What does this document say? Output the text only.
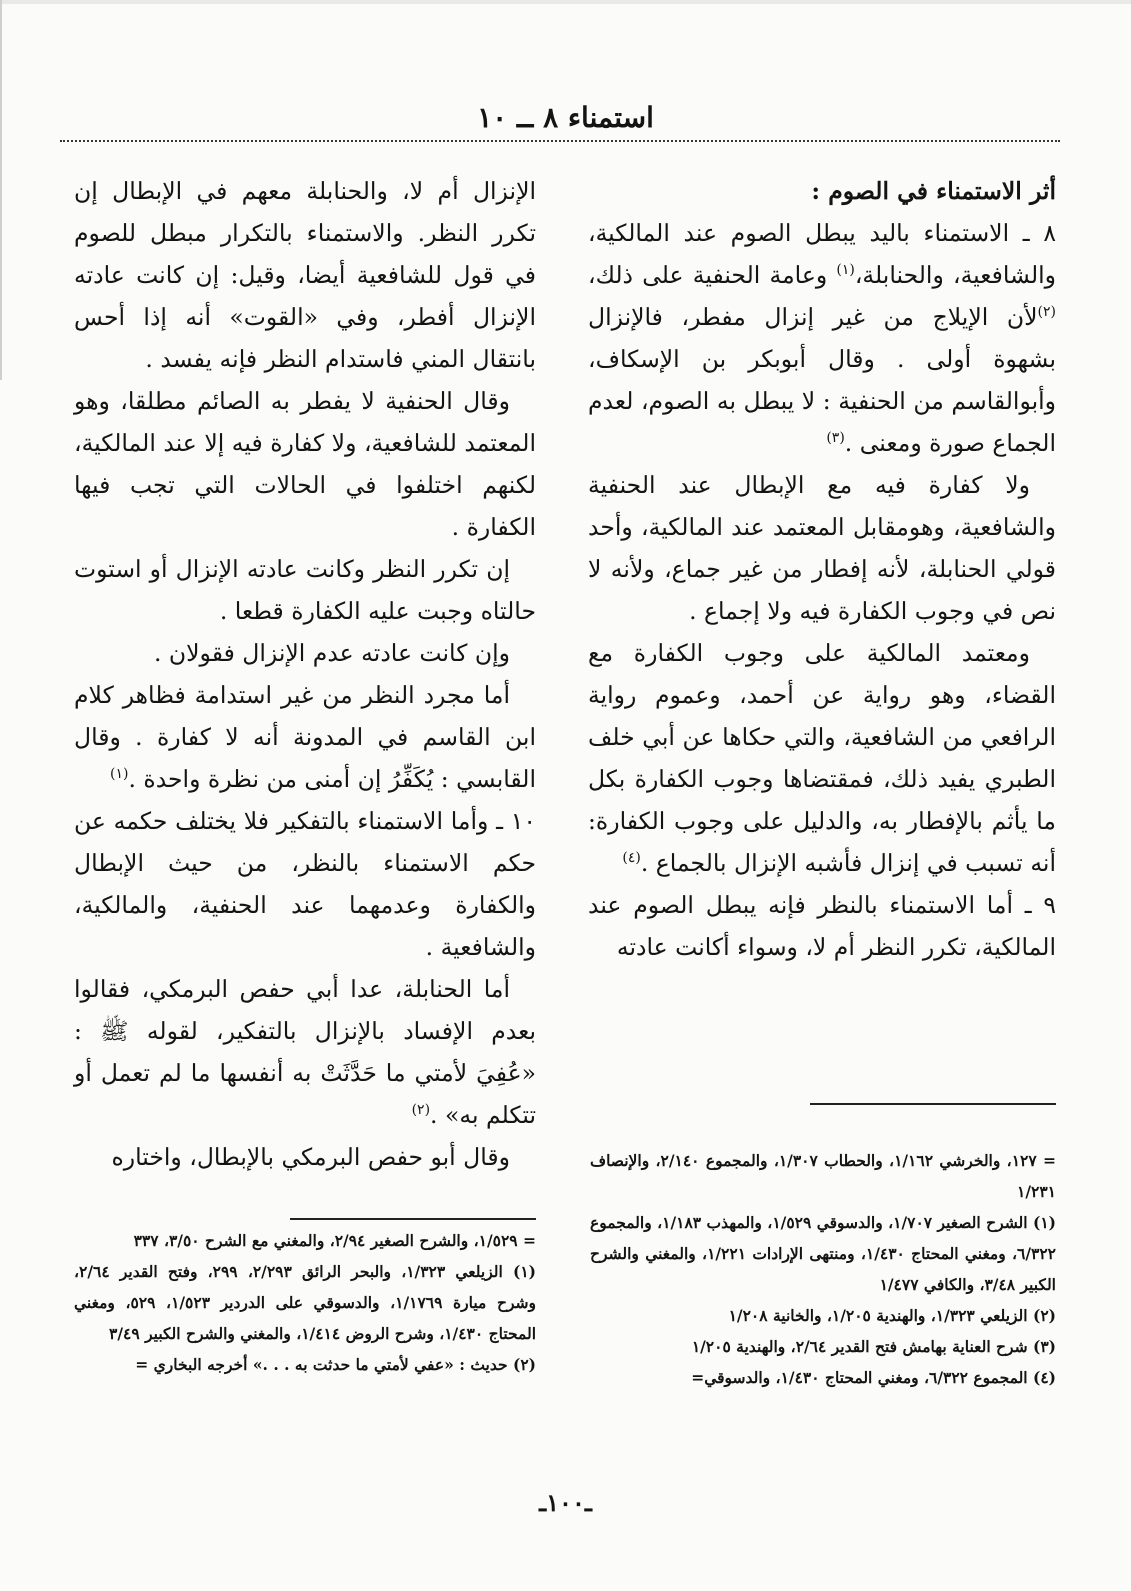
استمناء ٨ ــ ١٠

أثر الاستمناء في الصوم :

٨ ـ الاستمناء باليد يبطل الصوم عند المالكية، والشافعية، والحنابلة،$^{(١)}$ وعامة الحنفية على ذلك،$^{(٢)}$لأن الإيلاج من غير إنزال مفطر، فالإنزال بشهوة أولى . وقال أبوبكر بن الإسكاف، وأبوالقاسم من الحنفية : لا يبطل به الصوم، لعدم الجماع صورة ومعنى .$^{(٣)}$

ولا كفارة فيه مع الإبطال عند الحنفية والشافعية، وهومقابل المعتمد عند المالكية، وأحد قولي الحنابلة، لأنه إفطار من غير جماع، ولأنه لا نص في وجوب الكفارة فيه ولا إجماع .

ومعتمد المالكية على وجوب الكفارة مع القضاء، وهو رواية عن أحمد، وعموم رواية الرافعي من الشافعية، والتي حكاها عن أبي خلف الطبري يفيد ذلك، فمقتضاها وجوب الكفارة بكل ما يأثم بالإفطار به، والدليل على وجوب الكفارة: أنه تسبب في إنزال فأشبه الإنزال بالجماع .$^{(٤)}$

٩ ـ أما الاستمناء بالنظر فإنه يبطل الصوم عند المالكية، تكرر النظر أم لا، وسواء أكانت عادته

الإنزال أم لا، والحنابلة معهم في الإبطال إن تكرر النظر. والاستمناء بالتكرار مبطل للصوم في قول للشافعية أيضا، وقيل: إن كانت عادته الإنزال أفطر، وفي «القوت» أنه إذا أحس بانتقال المني فاستدام النظر فإنه يفسد .

وقال الحنفية لا يفطر به الصائم مطلقا، وهو المعتمد للشافعية، ولا كفارة فيه إلا عند المالكية، لكنهم اختلفوا في الحالات التي تجب فيها الكفارة .

إن تكرر النظر وكانت عادته الإنزال أو استوت حالتاه وجبت عليه الكفارة قطعا .

وإن كانت عادته عدم الإنزال فقولان .

أما مجرد النظر من غير استدامة فظاهر كلام ابن القاسم في المدونة أنه لا كفارة . وقال القابسي : يُكَفِّرُ إن أمنى من نظرة واحدة .$^{(١)}$

١٠ ـ وأما الاستمناء بالتفكير فلا يختلف حكمه عن حكم الاستمناء بالنظر، من حيث الإبطال والكفارة وعدمهما عند الحنفية، والمالكية، والشافعية .

أما الحنابلة، عدا أبي حفص البرمكي، فقالوا بعدم الإفساد بالإنزال بالتفكير، لقوله ﷺ : «عُفِيَ لأمتي ما حَدَّثَتْ به أنفسها ما لم تعمل أو تتكلم به» .$^{(٢)}$

وقال أبو حفص البرمكي بالإبطال، واختاره	= ١٢٧، والخرشي ١/١٦٢، والحطاب ١/٣٠٧، والمجموع ٢/١٤٠، والإنصاف ١/٢٣١

(١) الشرح الصغير ١/٧٠٧، والدسوقي ١/٥٢٩، والمهذب ١/١٨٣، والمجموع ٦/٣٢٢، ومغني المحتاج ١/٤٣٠، ومنتهى الإرادات ١/٢٢١، والمغني والشرح الكبير ٣/٤٨، والكافي ١/٤٧٧

(٢) الزيلعي ١/٣٢٣، والهندية ١/٢٠٥، والخانية ١/٢٠٨

(٣) شرح العناية بهامش فتح القدير ٢/٦٤، والهندية ١/٢٠٥

(٤) المجموع ٦/٣٢٢، ومغني المحتاج ١/٤٣٠، والدسوقي=

= ١/٥٢٩، والشرح الصغير ٢/٩٤، والمغني مع الشرح ٣/٥٠، ٣٣٧

(١) الزيلعي ١/٣٢٣، والبحر الرائق ٢/٢٩٣، ٢٩٩، وفتح القدير ٢/٦٤، وشرح ميارة ١/١٧٦٩، والدسوقي على الدردير ١/٥٢٣، ٥٢٩، ومغني المحتاج ١/٤٣٠، وشرح الروض ١/٤١٤، والمغني والشرح الكبير ٣/٤٩

(٢) حديث : «عفي لأمتي ما حدثت به . . .» أخرجه البخاري =

ـ١٠٠ـ
